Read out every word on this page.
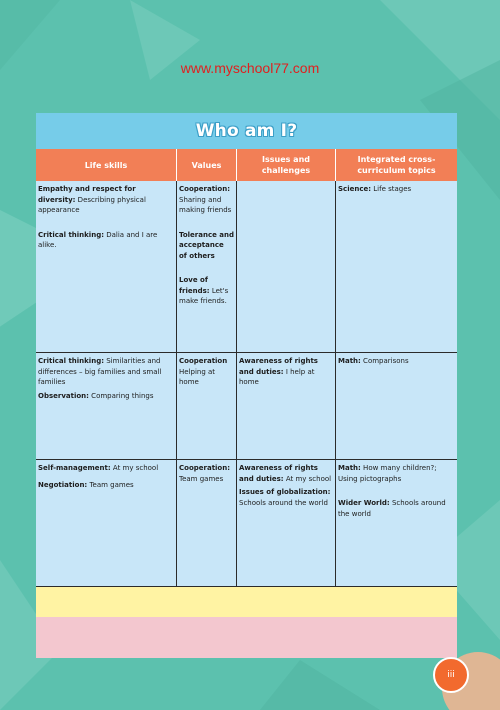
www.myschool77.com
Who am I?
Life skills	Values
Issues and challenges
Integrated cross-curriculum topics

Empathy and respect for diversity: Describing physical appearance

Critical thinking: Dalia and I are alike.

Cooperation: Sharing and making friends

Tolerance and acceptance of others

Love of friends: Let's make friends.

Science: Life stages

Critical thinking: Similarities and differences – big families and small families

Observation: Comparing things

Cooperation Helping at home

Awareness of rights and duties: I help at home

Math: Comparisons

Self-management: At my school

Negotiation: Team games

Cooperation: Team games

Awareness of rights and duties: At my school

Issues of globalization: Schools around the world

Math: How many children?; Using pictographs

Wider World: Schools around the world

iii
